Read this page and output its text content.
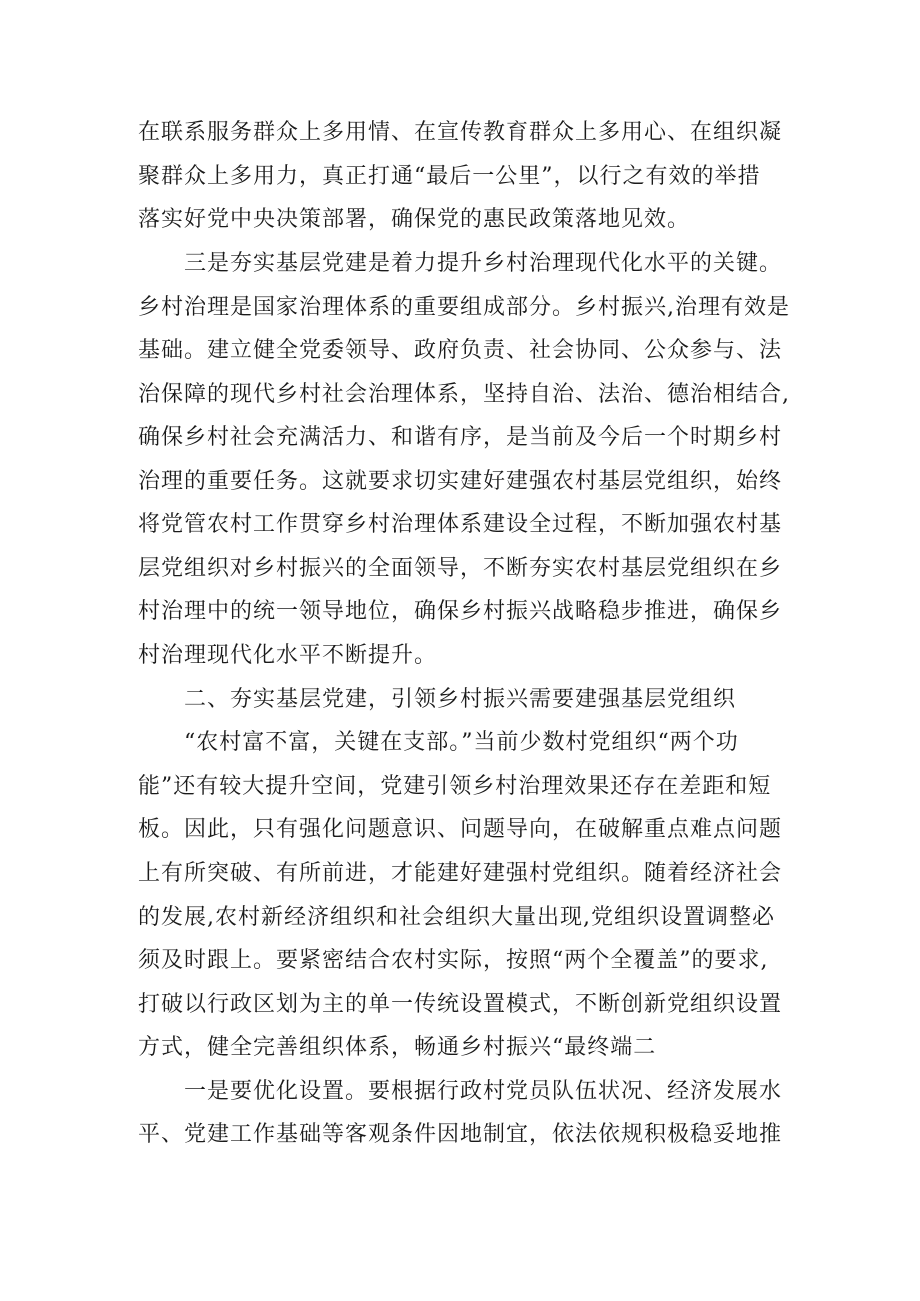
在联系服务群众上多用情、在宣传教育群众上多用心、在组织凝
聚群众上多用力，真正打通“最后一公里”，以行之有效的举措
落实好党中央决策部署，确保党的惠民政策落地见效。
三是夯实基层党建是着力提升乡村治理现代化水平的关键。
乡村治理是国家治理体系的重要组成部分。乡村振兴,治理有效是
基础。建立健全党委领导、政府负责、社会协同、公众参与、法
治保障的现代乡村社会治理体系，坚持自治、法治、德治相结合,
确保乡村社会充满活力、和谐有序，是当前及今后一个时期乡村
治理的重要任务。这就要求切实建好建强农村基层党组织，始终
将党管农村工作贯穿乡村治理体系建设全过程，不断加强农村基
层党组织对乡村振兴的全面领导，不断夯实农村基层党组织在乡
村治理中的统一领导地位，确保乡村振兴战略稳步推进，确保乡
村治理现代化水平不断提升。
二、夯实基层党建，引领乡村振兴需要建强基层党组织
“农村富不富，关键在支部。”当前少数村党组织“两个功
能”还有较大提升空间，党建引领乡村治理效果还存在差距和短
板。因此，只有强化问题意识、问题导向，在破解重点难点问题
上有所突破、有所前进，才能建好建强村党组织。随着经济社会
的发展,农村新经济组织和社会组织大量出现,党组织设置调整必
须及时跟上。要紧密结合农村实际，按照“两个全覆盖”的要求,
打破以行政区划为主的单一传统设置模式，不断创新党组织设置
方式，健全完善组织体系，畅通乡村振兴“最终端二
一是要优化设置。要根据行政村党员队伍状况、经济发展水
平、党建工作基础等客观条件因地制宜，依法依规积极稳妥地推
